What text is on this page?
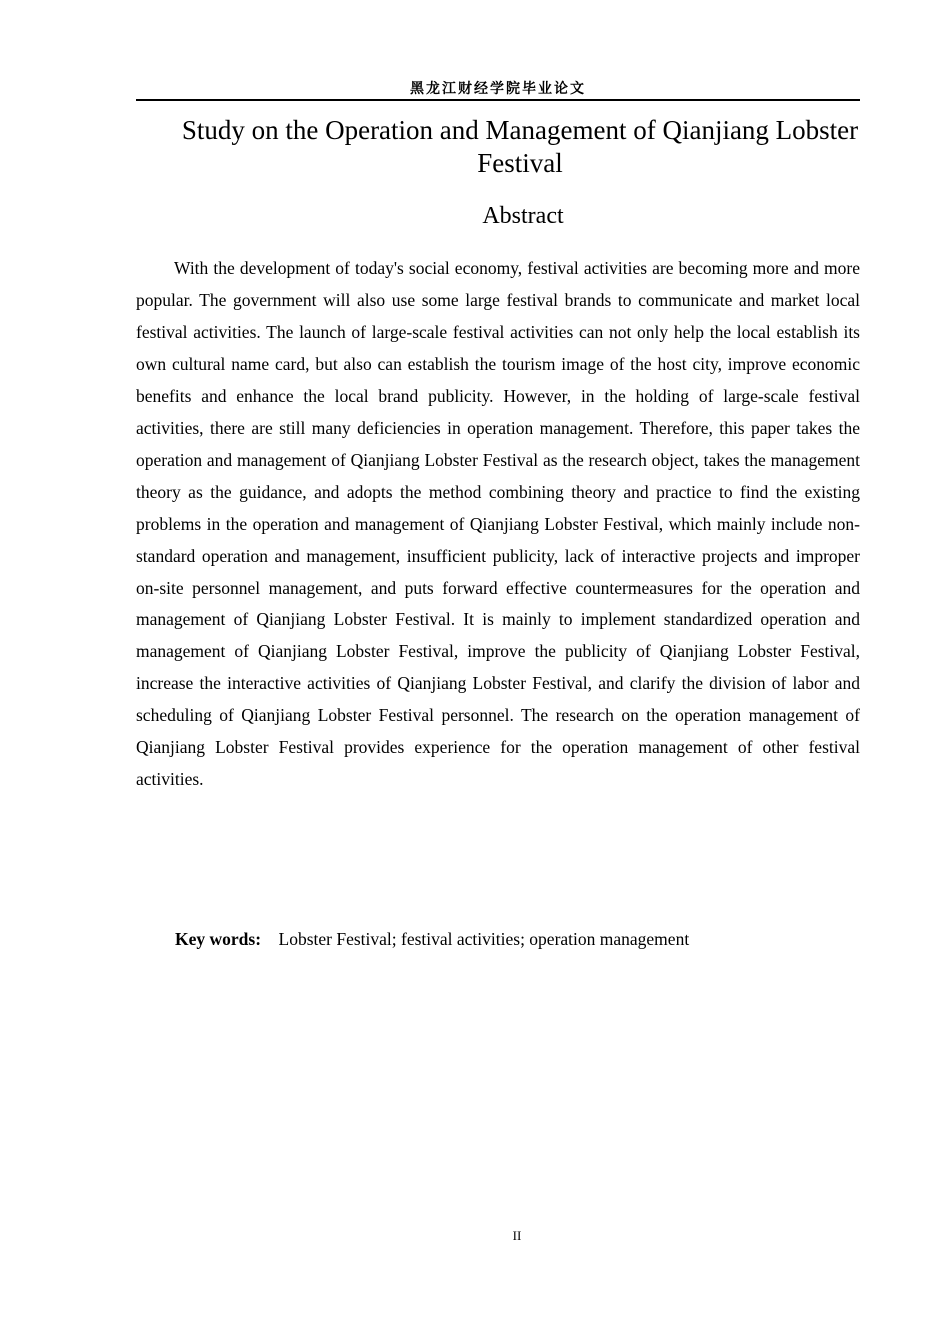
黑龙江财经学院毕业论文
Study on the Operation and Management of Qianjiang Lobster Festival
Abstract

With the development of today's social economy, festival activities are becoming more and more popular. The government will also use some large festival brands to communicate and market local festival activities. The launch of large-scale festival activities can not only help the local establish its own cultural name card, but also can establish the tourism image of the host city, improve economic benefits and enhance the local brand publicity. However, in the holding of large-scale festival activities, there are still many deficiencies in operation management. Therefore, this paper takes the operation and management of Qianjiang Lobster Festival as the research object, takes the management theory as the guidance, and adopts the method combining theory and practice to find the existing problems in the operation and management of Qianjiang Lobster Festival, which mainly include non-standard operation and management, insufficient publicity, lack of interactive projects and improper on-site personnel management, and puts forward effective countermeasures for the operation and management of Qianjiang Lobster Festival. It is mainly to implement standardized operation and management of Qianjiang Lobster Festival, improve the publicity of Qianjiang Lobster Festival, increase the interactive activities of Qianjiang Lobster Festival, and clarify the division of labor and scheduling of Qianjiang Lobster Festival personnel. The research on the operation management of Qianjiang Lobster Festival provides experience for the operation management of other festival activities.

Key words: Lobster Festival; festival activities; operation management
II
